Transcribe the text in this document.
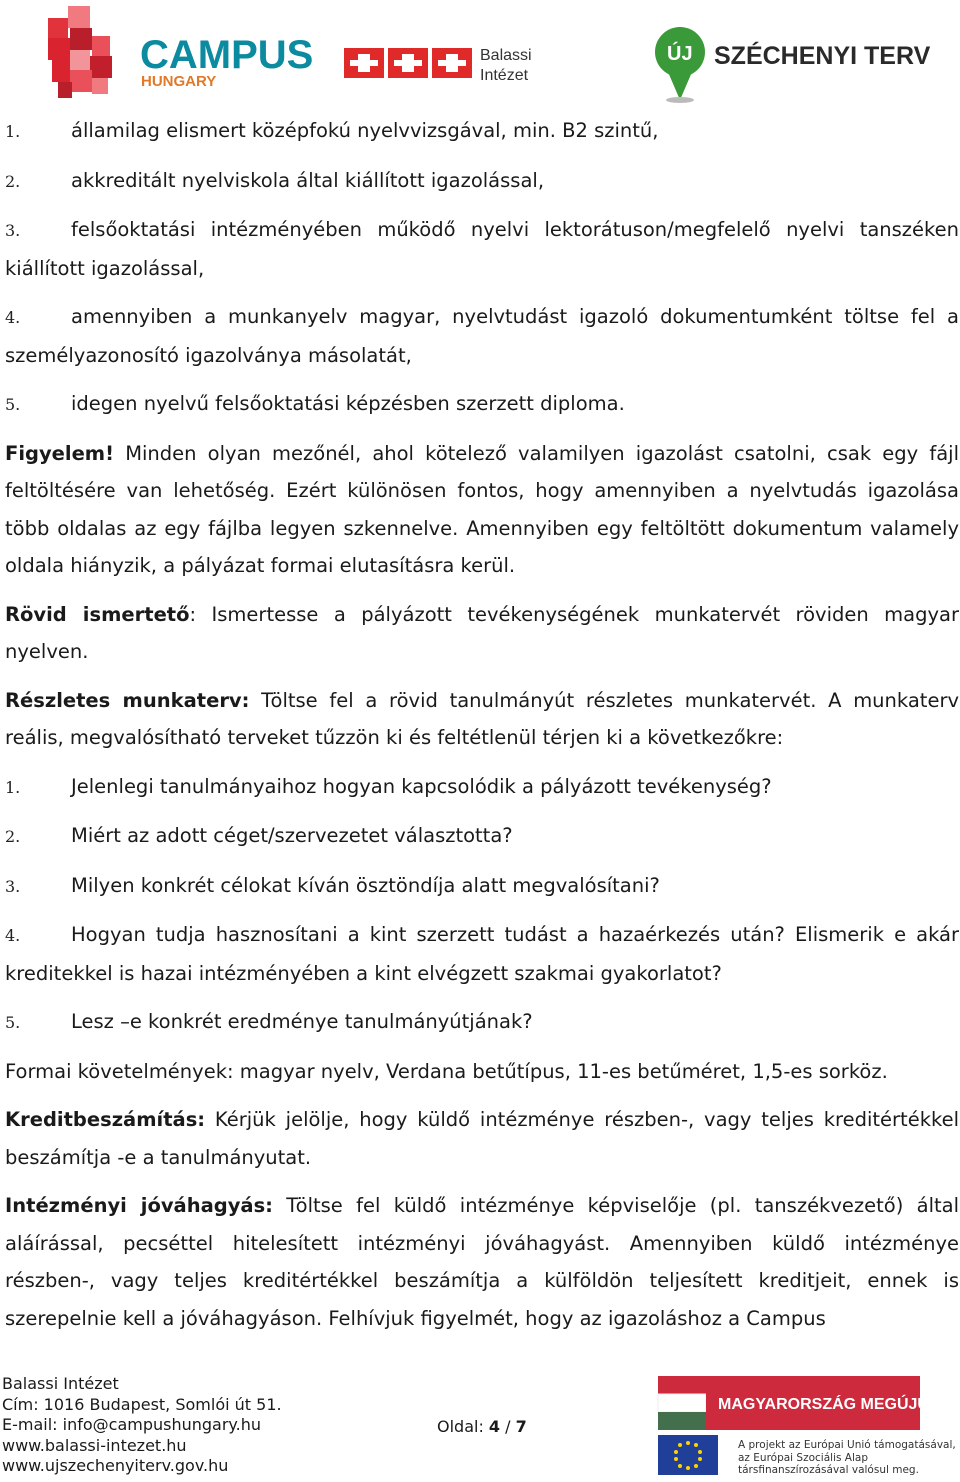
CAMPUS
HUNGARY
Balassi
Intézet
ÚJ SZÉCHENYI TERV

1.	államilag elismert középfokú nyelvvizsgával, min. B2 szintű,

2.	akkreditált nyelviskola által kiállított igazolással,

3.	felsőoktatási intézményében működő nyelvi lektorátuson/megfelelő nyelvi tanszéken kiállított igazolással,

4.	amennyiben a munkanyelv magyar, nyelvtudást igazoló dokumentumként töltse fel a személyazonosító igazolványa másolatát,

5.	idegen nyelvű felsőoktatási képzésben szerzett diploma.

Figyelem! Minden olyan mezőnél, ahol kötelező valamilyen igazolást csatolni, csak egy fájl feltöltésére van lehetőség. Ezért különösen fontos, hogy amennyiben a nyelvtudás igazolása több oldalas az egy fájlba legyen szkennelve. Amennyiben egy feltöltött dokumentum valamely oldala hiányzik, a pályázat formai elutasításra kerül.

Rövid ismertető: Ismertesse a pályázott tevékenységének munkatervét röviden magyar nyelven.

Részletes munkaterv: Töltse fel a rövid tanulmányút részletes munkatervét. A munkaterv reális, megvalósítható terveket tűzzön ki és feltétlenül térjen ki a következőkre:

1.	Jelenlegi tanulmányaihoz hogyan kapcsolódik a pályázott tevékenység?

2.	Miért az adott céget/szervezetet választotta?

3.	Milyen konkrét célokat kíván ösztöndíja alatt megvalósítani?

4.	Hogyan tudja hasznosítani a kint szerzett tudást a hazaérkezés után? Elismerik e akár kreditekkel is hazai intézményében a kint elvégzett szakmai gyakorlatot?

5.	Lesz –e konkrét eredménye tanulmányútjának?

Formai követelmények: magyar nyelv, Verdana betűtípus, 11-es betűméret, 1,5-es sorköz.

Kreditbeszámítás: Kérjük jelölje, hogy küldő intézménye részben-, vagy teljes kreditértékkel beszámítja -e a tanulmányutat.

Intézményi jóváhagyás: Töltse fel küldő intézménye képviselője (pl. tanszékvezető) által aláírással, pecséttel hitelesített intézményi jóváhagyást. Amennyiben küldő intézménye részben-, vagy teljes kreditértékkel beszámítja a külföldön teljesített kreditjeit, ennek is szerepelnie kell a jóváhagyáson. Felhívjuk figyelmét, hogy az igazoláshoz a Campus

Balassi Intézet
Cím: 1016 Budapest, Somlói út 51.
E-mail: info@campushungary.hu
www.balassi-intezet.hu
www.ujszechenyiterv.gov.hu
Oldal: 4 / 7
MAGYARORSZÁG MEGÚJUL
A projekt az Európai Unió támogatásával,
az Európai Szociális Alap
társfinanszírozásával valósul meg.
